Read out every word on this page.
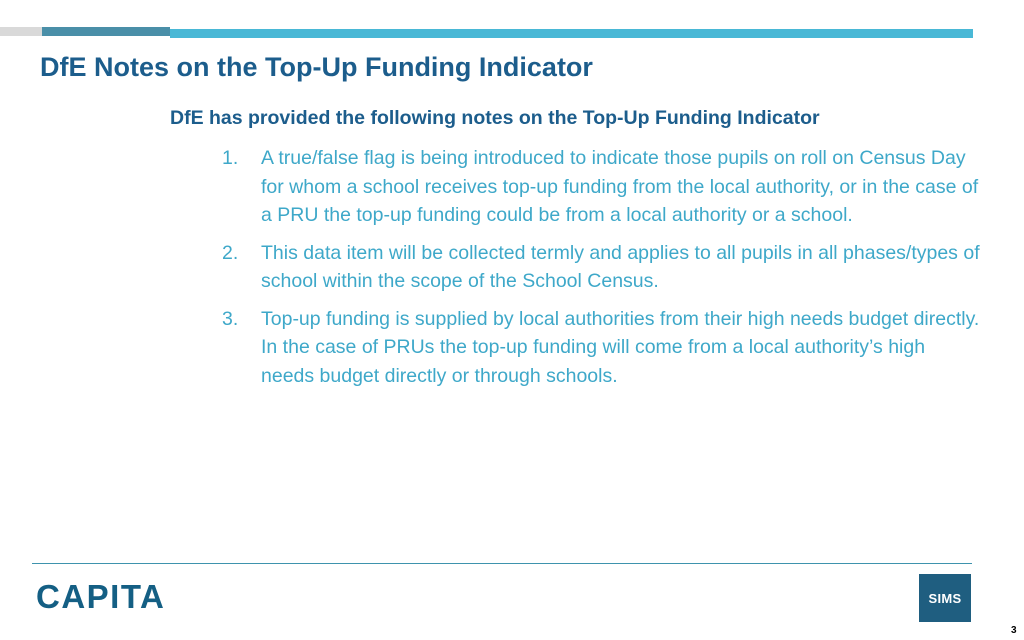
DfE Notes on the Top-Up Funding Indicator
DfE has provided the following notes on the Top-Up Funding Indicator
1.	A true/false flag is being introduced to indicate those pupils on roll on Census Day for whom a school receives top-up funding from the local authority, or in the case of a PRU the top-up funding could be from a local authority or a school.
2.	This data item will be collected termly and applies to all pupils in all phases/types of school within the scope of the School Census.
3.	Top-up funding is supplied by local authorities from their high needs budget directly. In the case of PRUs the top-up funding will come from a local authority’s high needs budget directly or through schools.
CAPITA	SIMS
3
